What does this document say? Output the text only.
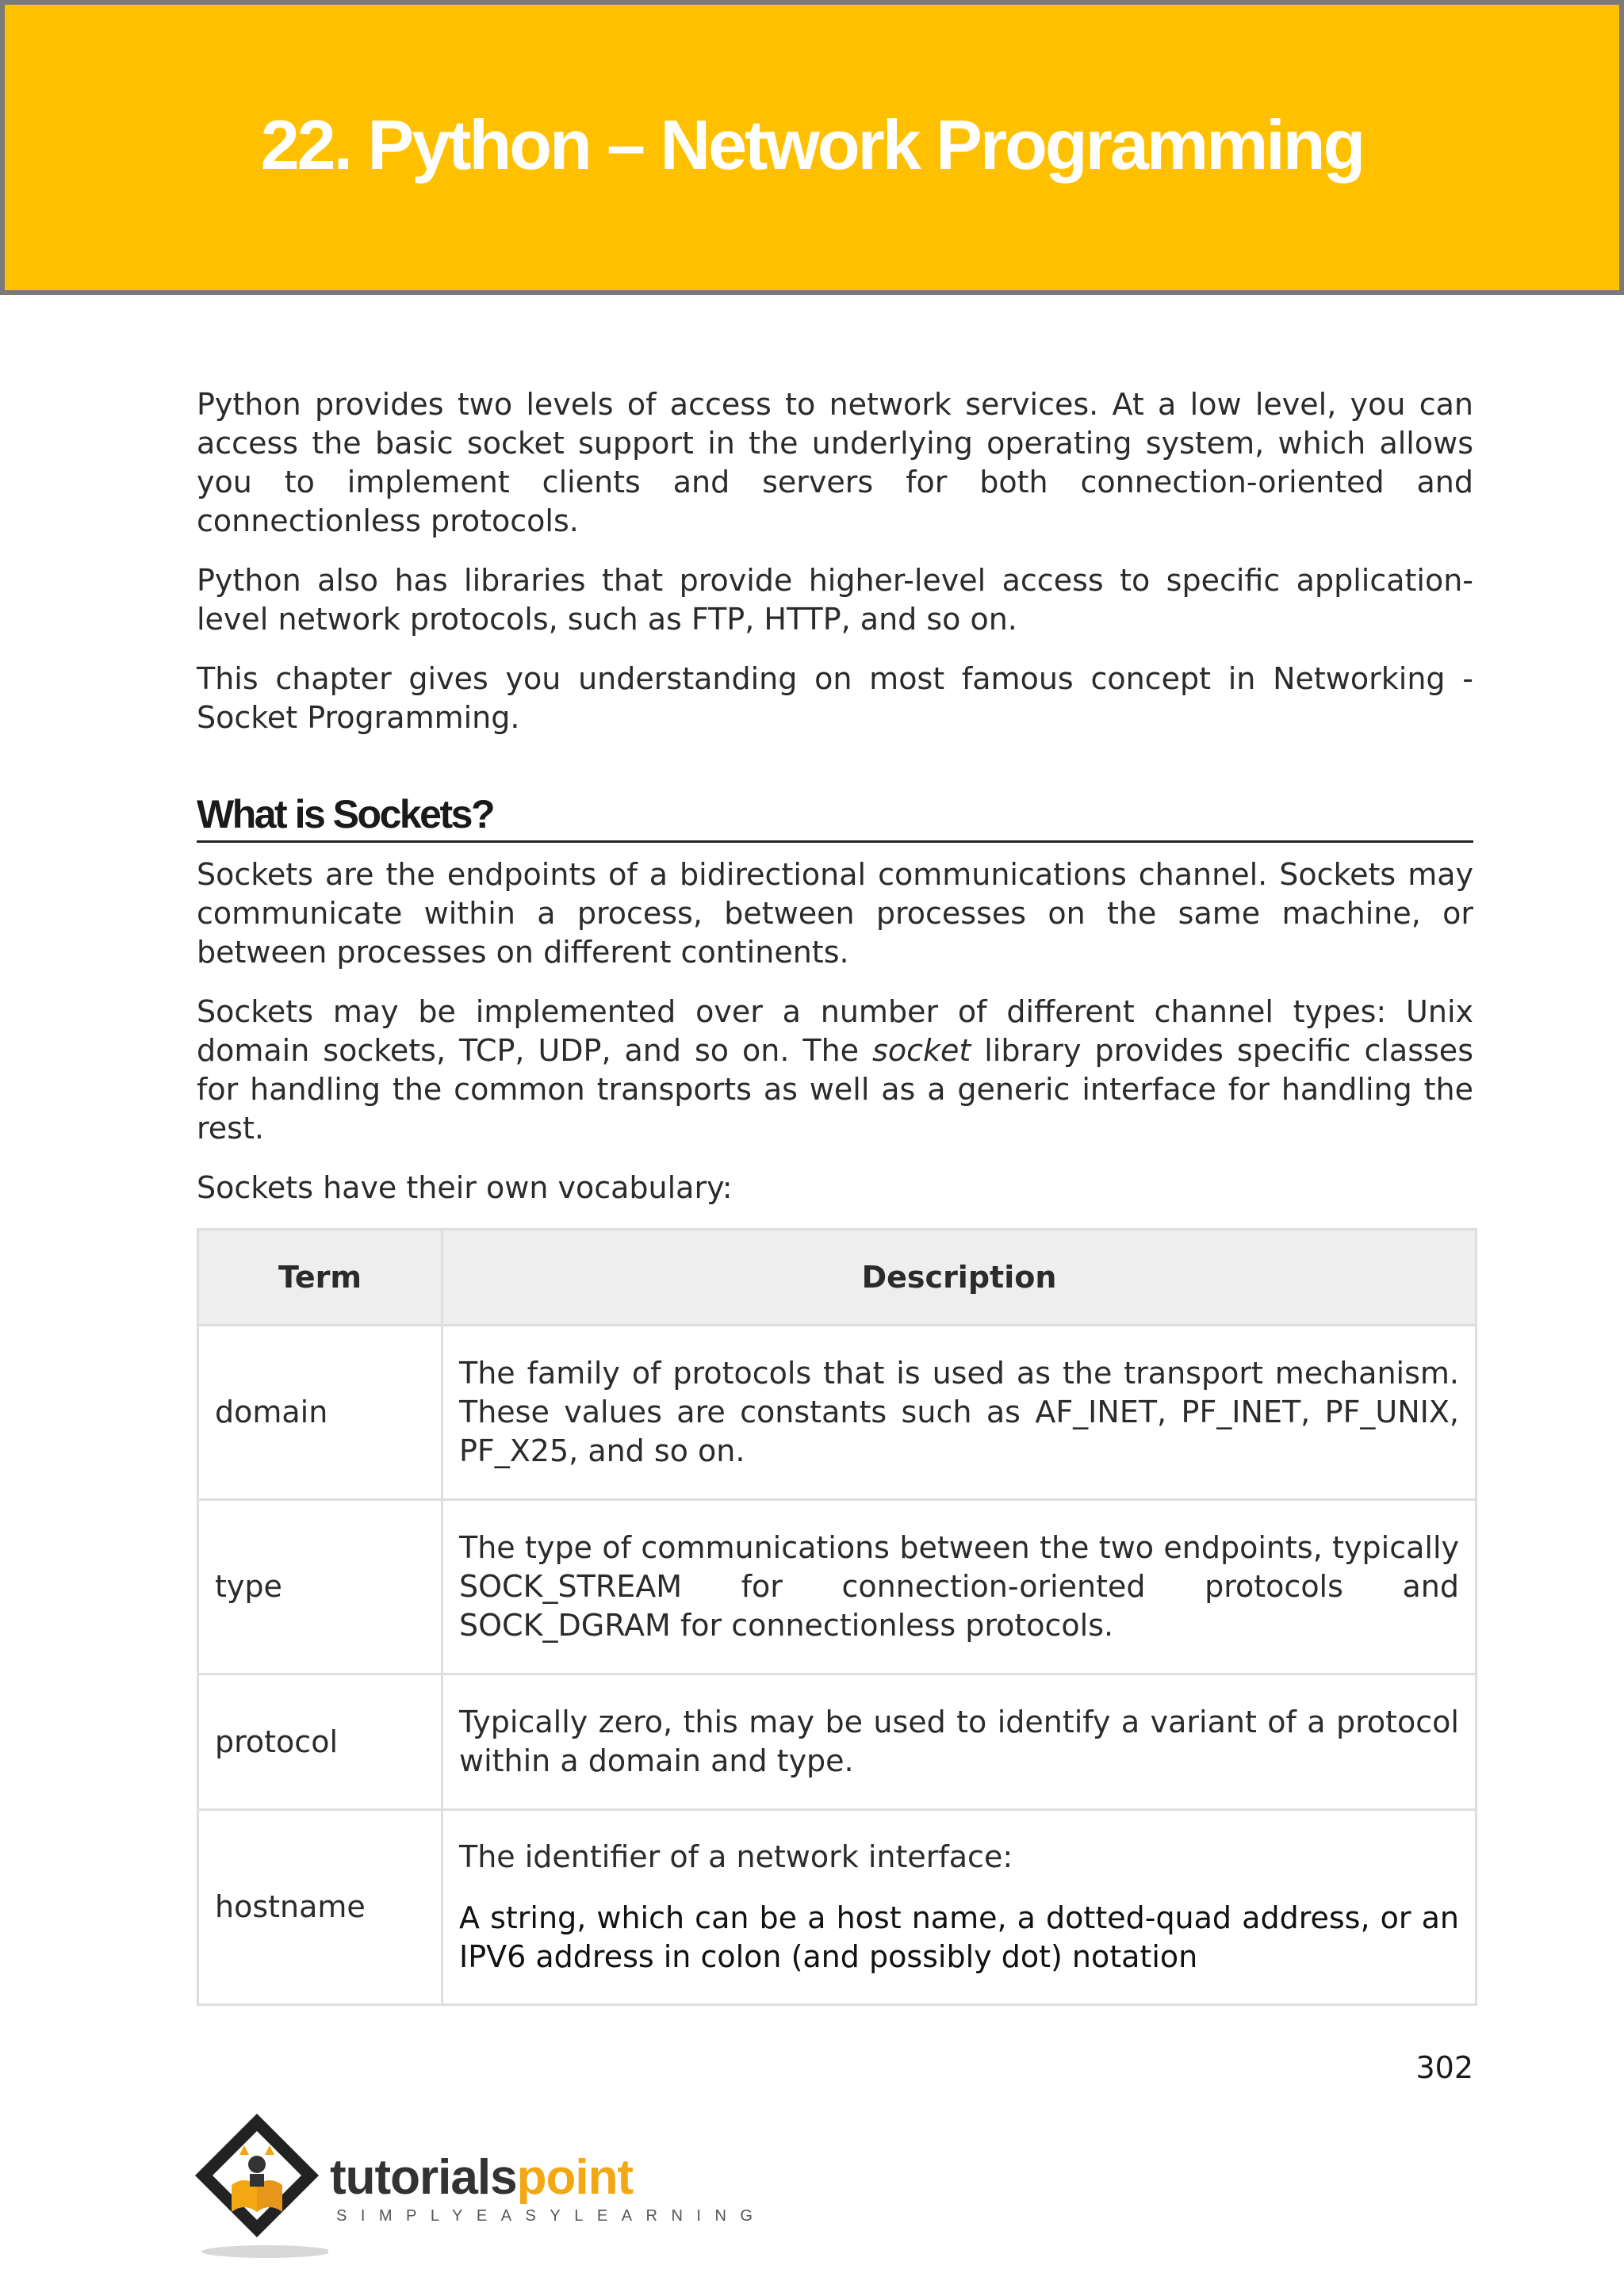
22. Python – Network Programming

Python provides two levels of access to network services. At a low level, you can access the basic socket support in the underlying operating system, which allows you to implement clients and servers for both connection-oriented and connectionless protocols.

Python also has libraries that provide higher-level access to specific application-level network protocols, such as FTP, HTTP, and so on.

This chapter gives you understanding on most famous concept in Networking - Socket Programming.

What is Sockets?

Sockets are the endpoints of a bidirectional communications channel. Sockets may communicate within a process, between processes on the same machine, or between processes on different continents.

Sockets may be implemented over a number of different channel types: Unix domain sockets, TCP, UDP, and so on. The socket library provides specific classes for handling the common transports as well as a generic interface for handling the rest.

Sockets have their own vocabulary:

Term	Description
domain	The family of protocols that is used as the transport mechanism. These values are constants such as AF_INET, PF_INET, PF_UNIX, PF_X25, and so on.
type	The type of communications between the two endpoints, typically SOCK_STREAM for connection-oriented protocols and SOCK_DGRAM for connectionless protocols.
protocol	Typically zero, this may be used to identify a variant of a protocol within a domain and type.
hostname	The identifier of a network interface:

A string, which can be a host name, a dotted-quad address, or an IPV6 address in colon (and possibly dot) notation

302
tutorialspoint
SIMPLYEASYLEARNING
